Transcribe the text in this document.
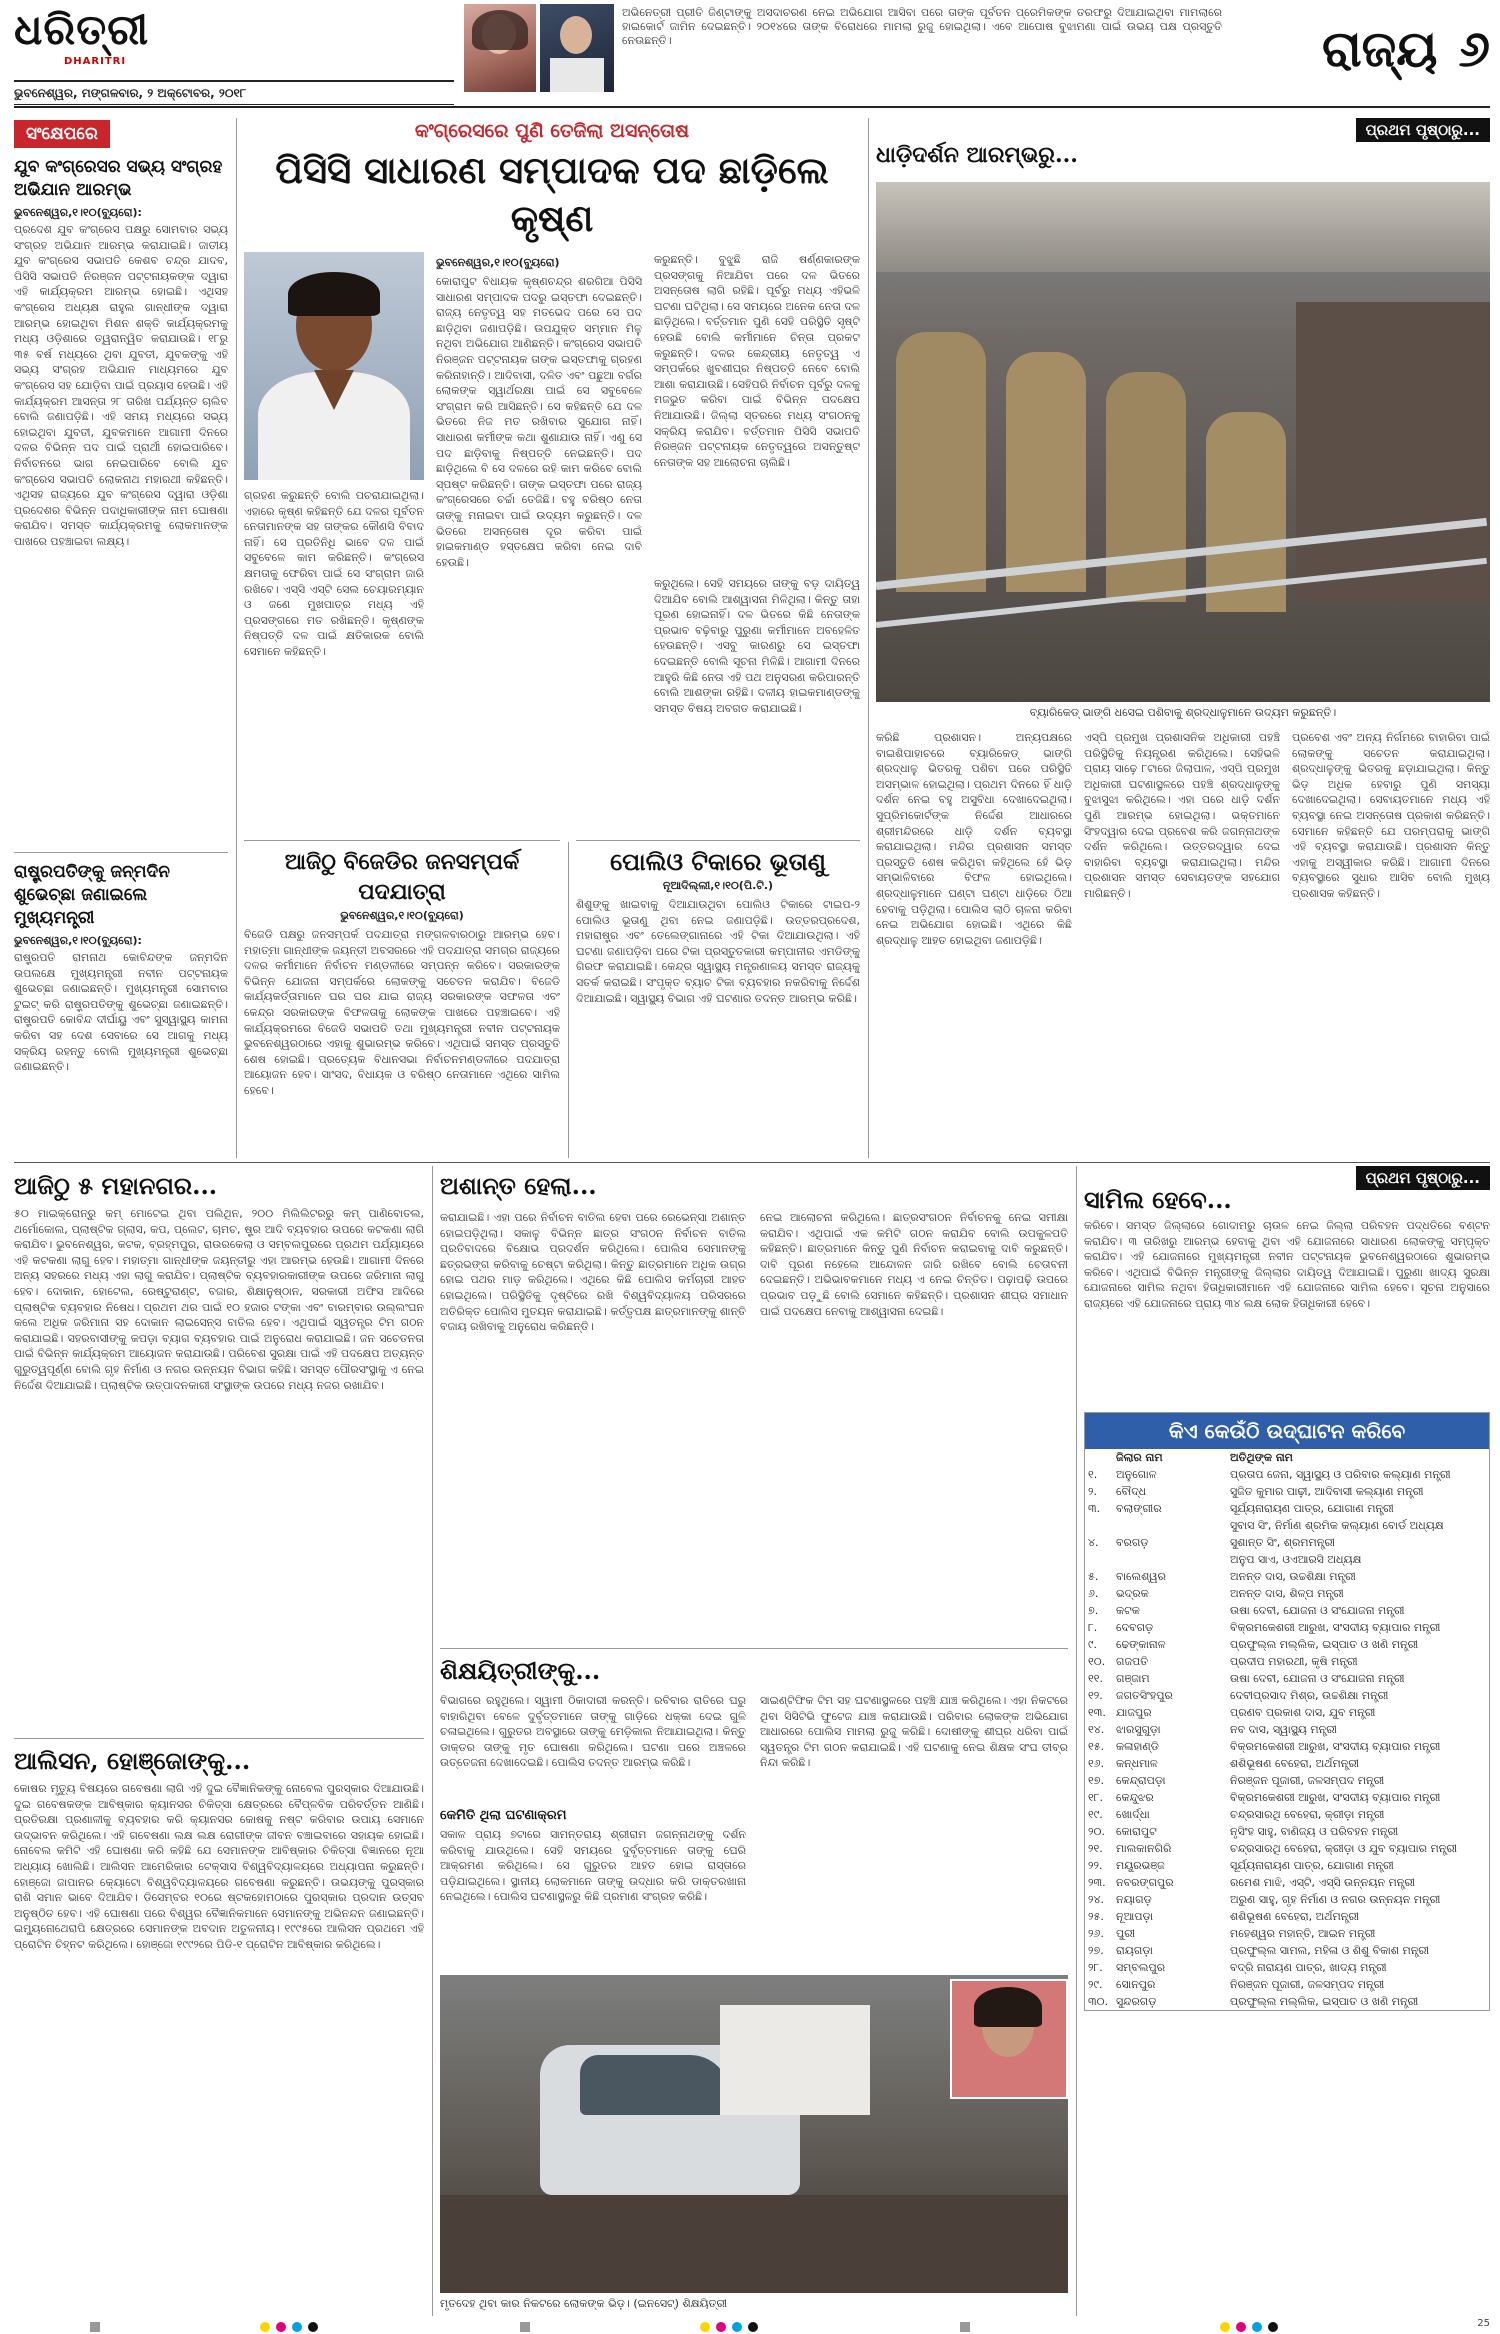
ଧରିତ୍ରୀ
DHARITRI
ଅଭିନେତ୍ରୀ ପ୍ରୀତି ଜିଣ୍ଟାଙ୍କୁ ଅସଦାଚରଣ ନେଇ ଅଭିଯୋଗ ଆସିବା ପରେ ତାଙ୍କ ପୂର୍ବତନ ପ୍ରେମିକଙ୍କ ତରଫରୁ ଦିଆଯାଇଥିବା ମାମଲାରେ ହାଇକୋର୍ଟ ଜାମିନ ଦେଇଛନ୍ତି। ୨୦୧୪ରେ ତାଙ୍କ ବିରୋଧରେ ମାମଲା ରୁଜୁ ହୋଇଥିଲା। ଏବେ ଆପୋଷ ବୁଝାମଣା ପାଇଁ ଉଭୟ ପକ୍ଷ ପ୍ରସ୍ତୁତି ନେଉଛନ୍ତି।	ରାଜ୍ୟ ୬
ଭୁବନେଶ୍ୱର, ମଙ୍ଗଳବାର, ୨ ଅକ୍ଟୋବର, ୨୦୧୮
ସଂକ୍ଷେପରେ
ଯୁବ କଂଗ୍ରେସର ସଭ୍ୟ ସଂଗ୍ରହ ଅଭିଯାନ ଆରମ୍ଭ
ଭୁବନେଶ୍ୱର,୧।୧୦(ବ୍ୟୁରୋ):
ପ୍ରଦେଶ ଯୁବ କଂଗ୍ରେସ ପକ୍ଷରୁ ସୋମବାର ସଭ୍ୟ ସଂଗ୍ରହ ଅଭିଯାନ ଆରମ୍ଭ କରାଯାଇଛି। ଜାତୀୟ ଯୁବ କଂଗ୍ରେସ ସଭାପତି କେଶବ ଚନ୍ଦ୍ର ଯାଦବ, ପିସିସି ସଭାପତି ନିରଞ୍ଜନ ପଟ୍ଟନାୟକଙ୍କ ଦ୍ୱାରା ଏହି କାର୍ଯ୍ୟକ୍ରମ ଆରମ୍ଭ ହୋଇଛି। ଏଥିସହ କଂଗ୍ରେସ ଅଧ୍ୟକ୍ଷ ରାହୁଲ ଗାନ୍ଧୀଙ୍କ ଦ୍ୱାରା ଆରମ୍ଭ ହୋଇଥିବା ମିଶନ ଶକ୍ତି କାର୍ଯ୍ୟକ୍ରମକୁ ମଧ୍ୟ ଓଡ଼ିଶାରେ ତ୍ୱରାନ୍ୱିତ କରାଯାଉଛି। ୧୮ରୁ ୩୫ ବର୍ଷ ମଧ୍ୟରେ ଥିବା ଯୁବତୀ, ଯୁବକଙ୍କୁ ଏହି ସଭ୍ୟ ସଂଗ୍ରହ ଅଭିଯାନ ମାଧ୍ୟମରେ ଯୁବ କଂଗ୍ରେସ ସହ ଯୋଡ଼ିବା ପାଇଁ ପ୍ରୟାସ ହେଉଛି। ଏହି କାର୍ଯ୍ୟକ୍ରମ ଆସନ୍ତା ୨୮ ତାରିଖ ପର୍ଯ୍ୟନ୍ତ ଚାଲିବ ବୋଲି ଜଣାପଡ଼ିଛି। ଏହି ସମୟ ମଧ୍ୟରେ ସଭ୍ୟ ହୋଇଥିବା ଯୁବତୀ, ଯୁବକମାନେ ଆଗାମୀ ଦିନରେ ଦଳର ବିଭିନ୍ନ ପଦ ପାଇଁ ପ୍ରାର୍ଥୀ ହୋଇପାରିବେ। ନିର୍ବାଚନରେ ଭାଗ ନେଇପାରିବେ ବୋଲି ଯୁବ କଂଗ୍ରେସ ସଭାପତି ଲୋକନାଥ ମହାରଥୀ କହିଛନ୍ତି। ଏଥିସହ ରାଜ୍ୟରେ ଯୁବ କଂଗ୍ରେସ ଦ୍ୱାରା ଓଡ଼ିଶା ପ୍ରଦେଶର ବିଭିନ୍ନ ପଦାଧିକାରୀଙ୍କ ନାମ ଘୋଷଣା କରାଯିବ। ସମସ୍ତ କାର୍ଯ୍ୟକ୍ରମକୁ ଲୋକମାନଙ୍କ ପାଖରେ ପହଞ୍ଚାଇବା ଲକ୍ଷ୍ୟ।
ରାଷ୍ଟ୍ରପତିଙ୍କୁ ଜନ୍ମଦିନ ଶୁଭେଚ୍ଛା ଜଣାଇଲେ ମୁଖ୍ୟମନ୍ତ୍ରୀ
ଭୁବନେଶ୍ୱର,୧।୧୦(ବ୍ୟୁରୋ):
ରାଷ୍ଟ୍ରପତି ରାମନାଥ କୋବିନ୍ଦଙ୍କ ଜନ୍ମଦିନ ଉପଲକ୍ଷେ ମୁଖ୍ୟମନ୍ତ୍ରୀ ନବୀନ ପଟ୍ଟନାୟକ ଶୁଭେଚ୍ଛା ଜଣାଇଛନ୍ତି। ମୁଖ୍ୟମନ୍ତ୍ରୀ ସୋମବାର ଟୁଇଟ୍ କରି ରାଷ୍ଟ୍ରପତିଙ୍କୁ ଶୁଭେଚ୍ଛା ଜଣାଇଛନ୍ତି। ରାଷ୍ଟ୍ରପତି କୋବିନ୍ଦ ଦୀର୍ଘାୟୁ ଏବଂ ସୁସ୍ୱାସ୍ଥ୍ୟ କାମନା କରିବା ସହ ଦେଶ ସେବାରେ ସେ ଆଗକୁ ମଧ୍ୟ ସକ୍ରିୟ ରହନ୍ତୁ ବୋଲି ମୁଖ୍ୟମନ୍ତ୍ରୀ ଶୁଭେଚ୍ଛା ଜଣାଇଛନ୍ତି।
କଂଗ୍ରେସରେ ପୁଣି ତେଜିଲା ଅସନ୍ତୋଷ
ପିସିସି ସାଧାରଣ ସମ୍ପାଦକ ପଦ ଛାଡ଼ିଲେ କୃଷ୍ଣ
ଭୁବନେଶ୍ୱର,୧।୧୦(ବ୍ୟୁରୋ)
କୋରାପୁଟ ବିଧାୟକ କୃଷ୍ଣଚନ୍ଦ୍ର ଶରଗିଆ ପିସିସି ସାଧାରଣ ସମ୍ପାଦକ ପଦରୁ ଇସ୍ତଫା ଦେଇଛନ୍ତି। ରାଜ୍ୟ ନେତୃତ୍ୱ ସହ ମତଭେଦ ପରେ ସେ ପଦ ଛାଡ଼ିଥିବା ଜଣାପଡ଼ିଛି। ଉପଯୁକ୍ତ ସମ୍ମାନ ମିଳୁ ନଥିବା ଅଭିଯୋଗ ଆଣିଛନ୍ତି। କଂଗ୍ରେସ ସଭାପତି ନିରଞ୍ଜନ ପଟ୍ଟନାୟକ ତାଙ୍କ ଇସ୍ତଫାକୁ ଗ୍ରହଣ କରିନାହାନ୍ତି। ଆଦିବାସୀ, ଦଳିତ ଏବଂ ପଛୁଆ ବର୍ଗର ଲୋକଙ୍କ ସ୍ୱାର୍ଥରକ୍ଷା ପାଇଁ ସେ ସବୁବେଳେ ସଂଗ୍ରାମ କରି ଆସିଛନ୍ତି। ସେ କହିଛନ୍ତି ଯେ ଦଳ ଭିତରେ ନିଜ ମତ ରଖିବାର ସୁଯୋଗ ନାହିଁ। ସାଧାରଣ କର୍ମୀଙ୍କ କଥା ଶୁଣାଯାଉ ନାହିଁ। ଏଣୁ ସେ ପଦ ଛାଡ଼ିବାକୁ ନିଷ୍ପତ୍ତି ନେଇଛନ୍ତି। ପଦ ଛାଡ଼ିଥିଲେ ବି ସେ ଦଳରେ ରହି କାମ କରିବେ ବୋଲି ସ୍ପଷ୍ଟ କରିଛନ୍ତି। ତାଙ୍କ ଇସ୍ତଫା ପରେ ରାଜ୍ୟ କଂଗ୍ରେସରେ ଚର୍ଚ୍ଚା ତେଜିଛି। ବହୁ ବରିଷ୍ଠ ନେତା ତାଙ୍କୁ ମନାଇବା ପାଇଁ ଉଦ୍ୟମ କରୁଛନ୍ତି। ଦଳ ଭିତରେ ଅସନ୍ତୋଷ ଦୂର କରିବା ପାଇଁ ହାଇକମାଣ୍ଡ ହସ୍ତକ୍ଷେପ କରିବା ନେଇ ଦାବି ହେଉଛି।
ଗ୍ରହଣ କରୁଛନ୍ତି ବୋଲି ପଚରାଯାଇଥିଲା। ଏହାରେ କୃଷ୍ଣ କହିଛନ୍ତି ଯେ ଦଳର ପୂର୍ବତନ ନେତାମାନଙ୍କ ସହ ତାଙ୍କର କୌଣସି ବିବାଦ ନାହିଁ। ସେ ପ୍ରତିନିଧି ଭାବେ ଦଳ ପାଇଁ ସବୁବେଳେ କାମ କରିଛନ୍ତି। କଂଗ୍ରେସ କ୍ଷମତାକୁ ଫେରିବା ପାଇଁ ସେ ସଂଗ୍ରାମ ଜାରି ରଖିବେ। ଏସ୍‌ସି ଏସ୍‌ଟି ସେଲ ଚେୟାରମ୍ୟାନ ଓ ଜଣେ ମୁଖପାତ୍ର ମଧ୍ୟ ଏହି ପ୍ରସଙ୍ଗରେ ମତ ରଖିଛନ୍ତି। କୃଷ୍ଣଙ୍କ ନିଷ୍ପତ୍ତି ଦଳ ପାଇଁ କ୍ଷତିକାରକ ବୋଲି ସେମାନେ କହିଛନ୍ତି।
କରୁଛନ୍ତି। ବୁଝୁଛି ରାଜି ଷର୍ଣ୍ଣକାରଙ୍କ ପ୍ରସଙ୍ଗକୁ ନିଆଯିବା ପରେ ଦଳ ଭିତରେ ଅସନ୍ତୋଷ ଲାଗି ରହିଛି। ପୂର୍ବରୁ ମଧ୍ୟ ଏହିଭଳି ଘଟଣା ଘଟିଥିଲା। ସେ ସମୟରେ ଅନେକ ନେତା ଦଳ ଛାଡ଼ିଥିଲେ। ବର୍ତ୍ତମାନ ପୁଣି ସେହି ପରିସ୍ଥିତି ସୃଷ୍ଟି ହେଉଛି ବୋଲି କର୍ମୀମାନେ ଚିନ୍ତା ପ୍ରକଟ କରୁଛନ୍ତି। ଦଳର କେନ୍ଦ୍ରୀୟ ନେତୃତ୍ୱ ଏ ସମ୍ପର୍କରେ ଖୁବଶୀଘ୍ର ନିଷ୍ପତ୍ତି ନେବେ ବୋଲି ଆଶା କରାଯାଉଛି। ସେହିପରି ନିର୍ବାଚନ ପୂର୍ବରୁ ଦଳକୁ ମଜଭୁତ କରିବା ପାଇଁ ବିଭିନ୍ନ ପଦକ୍ଷେପ ନିଆଯାଉଛି। ଜିଲ୍ଲା ସ୍ତରରେ ମଧ୍ୟ ସଂଗଠନକୁ ସକ୍ରିୟ କରାଯିବ। ବର୍ତ୍ତମାନ ପିସିସି ସଭାପତି ନିରଞ୍ଜନ ପଟ୍ଟନାୟକ ନେତୃତ୍ୱରେ ଅସନ୍ତୁଷ୍ଟ ନେତାଙ୍କ ସହ ଆଲୋଚନା ଚାଲିଛି।
କରୁଥିଲେ। ସେହି ସମୟରେ ତାଙ୍କୁ ବଡ଼ ଦାୟିତ୍ୱ ଦିଆଯିବ ବୋଲି ଆଶ୍ୱାସନା ମିଳିଥିଲା। କିନ୍ତୁ ତାହା ପୂରଣ ହୋଇନାହିଁ। ଦଳ ଭିତରେ କିଛି ନେତାଙ୍କ ପ୍ରଭାବ ବଢ଼ିବାରୁ ପୁରୁଣା କର୍ମୀମାନେ ଅବହେଳିତ ହେଉଛନ୍ତି। ଏସବୁ କାରଣରୁ ସେ ଇସ୍ତଫା ଦେଇଛନ୍ତି ବୋଲି ସୂଚନା ମିଳିଛି। ଆଗାମୀ ଦିନରେ ଆହୁରି କିଛି ନେତା ଏହି ପଥ ଅନୁସରଣ କରିପାରନ୍ତି ବୋଲି ଆଶଙ୍କା ରହିଛି। ଦଳୀୟ ହାଇକମାଣ୍ଡଙ୍କୁ ସମସ୍ତ ବିଷୟ ଅବଗତ କରାଯାଇଛି।
ଆଜିଠୁ ବିଜେଡିର ଜନସମ୍ପର୍କ ପଦଯାତ୍ରା
ଭୁବନେଶ୍ୱର,୧।୧୦(ବ୍ୟୁରୋ)
ବିଜେଡି ପକ୍ଷରୁ ଜନସମ୍ପର୍କ ପଦଯାତ୍ରା ମଙ୍ଗଳବାରଠାରୁ ଆରମ୍ଭ ହେବ। ମହାତ୍ମା ଗାନ୍ଧୀଙ୍କ ଜୟନ୍ତୀ ଅବସରରେ ଏହି ପଦଯାତ୍ରା ସମଗ୍ର ରାଜ୍ୟରେ ଦଳର କର୍ମୀମାନେ ନିର୍ବାଚନ ମଣ୍ଡଳୀରେ ସମ୍ପନ୍ନ କରିବେ। ସରକାରଙ୍କ ବିଭିନ୍ନ ଯୋଜନା ସମ୍ପର୍କରେ ଲୋକଙ୍କୁ ସଚେତନ କରାଯିବ। ବିଜେଡି କାର୍ଯ୍ୟକର୍ତ୍ତାମାନେ ଘର ଘର ଯାଇ ରାଜ୍ୟ ସରକାରଙ୍କ ସଫଳତା ଏବଂ କେନ୍ଦ୍ର ସରକାରଙ୍କ ବିଫଳତାକୁ ଲୋକଙ୍କ ପାଖରେ ପହଞ୍ଚାଇବେ। ଏହି କାର୍ଯ୍ୟକ୍ରମରେ ବିଜେଡି ସଭାପତି ତଥା ମୁଖ୍ୟମନ୍ତ୍ରୀ ନବୀନ ପଟ୍ଟନାୟକ ଭୁବନେଶ୍ୱରଠାରେ ଏହାକୁ ଶୁଭାରମ୍ଭ କରିବେ। ଏଥିପାଇଁ ସମସ୍ତ ପ୍ରସ୍ତୁତି ଶେଷ ହୋଇଛି। ପ୍ରତ୍ୟେକ ବିଧାନସଭା ନିର୍ବାଚନମଣ୍ଡଳୀରେ ପଦଯାତ୍ରା ଆୟୋଜନ ହେବ। ସାଂସଦ, ବିଧାୟକ ଓ ବରିଷ୍ଠ ନେତାମାନେ ଏଥିରେ ସାମିଲ ହେବେ।
ପୋଲିଓ ଟିକାରେ ଭୂତାଣୁ
ନୂଆଦିଲ୍ଲୀ,୧।୧୦(ପି.ଟି.)
ଶିଶୁଙ୍କୁ ଖାଇବାକୁ ଦିଆଯାଉଥିବା ପୋଲିଓ ଟିକାରେ ଟାଇପ-୨ ପୋଲିଓ ଭୂତାଣୁ ଥିବା ନେଇ ଜଣାପଡ଼ିଛି। ଉତ୍ତରପ୍ରଦେଶ, ମହାରାଷ୍ଟ୍ର ଏବଂ ତେଲେଙ୍ଗାନାରେ ଏହି ଟିକା ଦିଆଯାଉଥିଲା। ଏହି ଘଟଣା ଜଣାପଡ଼ିବା ପରେ ଟିକା ପ୍ରସ୍ତୁତକାରୀ କମ୍ପାନୀର ଏମଡିଙ୍କୁ ଗିରଫ କରାଯାଇଛି। କେନ୍ଦ୍ର ସ୍ୱାସ୍ଥ୍ୟ ମନ୍ତ୍ରଣାଳୟ ସମସ୍ତ ରାଜ୍ୟକୁ ସତର୍କ କରାଇଛି। ସଂପୃକ୍ତ ବ୍ୟାଚ ଟିକା ବ୍ୟବହାର ନକରିବାକୁ ନିର୍ଦ୍ଦେଶ ଦିଆଯାଇଛି। ସ୍ୱାସ୍ଥ୍ୟ ବିଭାଗ ଏହି ଘଟଣାର ତଦନ୍ତ ଆରମ୍ଭ କରିଛି।
ପ୍ରଥମ ପୃଷ୍ଠାରୁ...
ଧାଡ଼ିଦର୍ଶନ ଆରମ୍ଭରୁ...
ବ୍ୟାରିକେଡ୍ ଭାଙ୍ଗି ଧସେଇ ପଶିବାକୁ ଶ୍ରଦ୍ଧାଳୁମାନେ ଉଦ୍ୟମ କରୁଛନ୍ତି।
କରିଛି ପ୍ରଶାସନ। ଅନ୍ୟପକ୍ଷରେ ବାଇଶିପାହାଚରେ ବ୍ୟାରିକେଡ୍ ଭାଙ୍ଗି ଶ୍ରଦ୍ଧାଳୁ ଭିତରକୁ ପଶିବା ପରେ ପରିସ୍ଥିତି ଅସମ୍ଭାଳ ହୋଇଥିଲା। ପ୍ରଥମ ଦିନରେ ହିଁ ଧାଡ଼ି ଦର୍ଶନ ନେଇ ବହୁ ଅସୁବିଧା ଦେଖାଦେଇଥିଲା। ସୁପ୍ରିମକୋର୍ଟଙ୍କ ନିର୍ଦ୍ଦେଶ ଆଧାରରେ ଶ୍ରୀମନ୍ଦିରରେ ଧାଡ଼ି ଦର୍ଶନ ବ୍ୟବସ୍ଥା କରାଯାଇଥିଲା। ମନ୍ଦିର ପ୍ରଶାସନ ସମସ୍ତ ପ୍ରସ୍ତୁତି ଶେଷ କରିଥିବା କହିଥିଲେ ହେଁ ଭିଡ଼ ସମ୍ଭାଳିବାରେ ବିଫଳ ହୋଇଥିଲେ। ଶ୍ରଦ୍ଧାଳୁମାନେ ଘଣ୍ଟା ଘଣ୍ଟା ଧାଡ଼ିରେ ଠିଆ ହେବାକୁ ପଡ଼ିଥିଲା। ପୋଲିସ ଲାଠି ଚାଳନା କରିବା ନେଇ ଅଭିଯୋଗ ହୋଇଛି। ଏଥିରେ କିଛି ଶ୍ରଦ୍ଧାଳୁ ଆହତ ହୋଇଥିବା ଜଣାପଡ଼ିଛି।
ଏସ୍‌ପି ପ୍ରମୁଖ ପ୍ରଶାସନିକ ଅଧିକାରୀ ପହଞ୍ଚି ପରିସ୍ଥିତିକୁ ନିୟନ୍ତ୍ରଣ କରିଥିଲେ। ସେହିଭଳି ପ୍ରାୟ ସାଢ଼େ ୮ଟାରେ ଜିଲାପାଳ, ଏସ୍‌ପି ପ୍ରମୁଖ ଅଧିକାରୀ ଘଟଣାସ୍ଥଳରେ ପହଞ୍ଚି ଶ୍ରଦ୍ଧାଳୁଙ୍କୁ ବୁଝାସୁଝା କରିଥିଲେ। ଏହା ପରେ ଧାଡ଼ି ଦର୍ଶନ ପୁଣି ଆରମ୍ଭ ହୋଇଥିଲା। ଭକ୍ତମାନେ ସିଂହଦ୍ୱାର ଦେଇ ପ୍ରବେଶ କରି ଜଗନ୍ନାଥଙ୍କ ଦର୍ଶନ କରିଥିଲେ। ଉତ୍ତରଦ୍ୱାର ଦେଇ ବାହାରିବା ବ୍ୟବସ୍ଥା କରାଯାଇଥିଲା। ମନ୍ଦିର ପ୍ରଶାସନ ସମସ୍ତ ସେବାୟତଙ୍କ ସହଯୋଗ ମାଗିଛନ୍ତି।
ପ୍ରବେଶ ଏବଂ ଅନ୍ୟ ନିର୍ଗମରେ ବାହାରିବା ପାଇଁ ଲୋକଙ୍କୁ ସଚେତନ କରାଯାଇଥିଲା। ଶ୍ରଦ୍ଧାଳୁଙ୍କୁ ଭିତରକୁ ଛଡ଼ାଯାଇଥିଲା। କିନ୍ତୁ ଭିଡ଼ ଅଧିକ ହେବାରୁ ପୁଣି ସମସ୍ୟା ଦେଖାଦେଇଥିଲା। ସେବାୟତମାନେ ମଧ୍ୟ ଏହି ବ୍ୟବସ୍ଥା ନେଇ ଅସନ୍ତୋଷ ପ୍ରକାଶ କରିଛନ୍ତି। ସେମାନେ କହିଛନ୍ତି ଯେ ପରମ୍ପରାକୁ ଭାଙ୍ଗି ଏହି ବ୍ୟବସ୍ଥା କରାଯାଉଛି। ପ୍ରଶାସନ କିନ୍ତୁ ଏହାକୁ ଅସ୍ୱୀକାର କରିଛି। ଆଗାମୀ ଦିନରେ ବ୍ୟବସ୍ଥାରେ ସୁଧାର ଆସିବ ବୋଲି ମୁଖ୍ୟ ପ୍ରଶାସକ କହିଛନ୍ତି।
ଆଜିଠୁ ୫ ମହାନଗର...
୫୦ ମାଇକ୍ରୋନ୍‌ରୁ କମ୍ ମୋଟେଇ ଥିବା ପଲିଥିନ, ୨୦୦ ମିଲିଲିଟରରୁ କମ୍ ପାଣିବୋତଲ, ଥର୍ମୋକୋଲ, ପ୍ଲାଷ୍ଟିକ ଗ୍ଲାସ, କପ, ପ୍ଲେଟ, ଚାମଚ, ଷ୍ଟ୍ର ଆଦି ବ୍ୟବହାର ଉପରେ କଟକଣା ଲାଗି କରାଯିବ। ଭୁବନେଶ୍ୱର, କଟକ, ବ୍ରହ୍ମପୁର, ରାଉରକେଲା ଓ ସମ୍ବଲପୁରରେ ପ୍ରଥମ ପର୍ଯ୍ୟାୟରେ ଏହି କଟକଣା ଲାଗୁ ହେବ। ମହାତ୍ମା ଗାନ୍ଧୀଙ୍କ ଜୟନ୍ତୀରୁ ଏହା ଆରମ୍ଭ ହେଉଛି। ଆଗାମୀ ଦିନରେ ଅନ୍ୟ ସହରରେ ମଧ୍ୟ ଏହା ଲାଗୁ କରାଯିବ। ପ୍ଲାଷ୍ଟିକ ବ୍ୟବହାରକାରୀଙ୍କ ଉପରେ ଜରିମାନା ଲାଗୁ ହେବ। ଦୋକାନ, ହୋଟେଲ, ରେଷ୍ଟୁରାଣ୍ଟ, ବଜାର, ଶିକ୍ଷାନୁଷ୍ଠାନ, ସରକାରୀ ଅଫିସ ଆଦିରେ ପ୍ଲାଷ୍ଟିକ ବ୍ୟବହାର ନିଷେଧ। ପ୍ରଥମ ଥର ପାଇଁ ୧୦ ହଜାର ଟଙ୍କା ଏବଂ ବାରମ୍ବାର ଉଲ୍ଲଂଘନ କଲେ ଅଧିକ ଜରିମାନା ସହ ଦୋକାନ ଲାଇସେନ୍ସ ବାତିଲ ହେବ। ଏଥିପାଇଁ ସ୍ୱତନ୍ତ୍ର ଟିମ ଗଠନ କରାଯାଇଛି। ସହରବାସୀଙ୍କୁ କପଡ଼ା ବ୍ୟାଗ ବ୍ୟବହାର ପାଇଁ ଅନୁରୋଧ କରାଯାଇଛି। ଜନ ସଚେତନତା ପାଇଁ ବିଭିନ୍ନ କାର୍ଯ୍ୟକ୍ରମ ଆୟୋଜନ କରାଯାଉଛି। ପରିବେଶ ସୁରକ୍ଷା ପାଇଁ ଏହି ପଦକ୍ଷେପ ଅତ୍ୟନ୍ତ ଗୁରୁତ୍ୱପୂର୍ଣ୍ଣ ବୋଲି ଗୃହ ନିର୍ମାଣ ଓ ନଗର ଉନ୍ନୟନ ବିଭାଗ କହିଛି। ସମସ୍ତ ପୌରସଂସ୍ଥାକୁ ଏ ନେଇ ନିର୍ଦ୍ଦେଶ ଦିଆଯାଇଛି। ପ୍ଲାଷ୍ଟିକ ଉତ୍ପାଦନକାରୀ ସଂସ୍ଥାଙ୍କ ଉପରେ ମଧ୍ୟ ନଜର ରଖାଯିବ।
ଆଲିସନ, ହୋଞ୍ଜୋଙ୍କୁ...
କୋଷର ମୃତ୍ୟୁ ବିଷୟରେ ଗବେଷଣା ଲାଗି ଏହି ଦୁଇ ବୈଜ୍ଞାନିକଙ୍କୁ ନୋବେଲ ପୁରସ୍କାର ଦିଆଯାଉଛି। ଦୁଇ ଗବେଷକଙ୍କ ଆବିଷ୍କାର କ୍ୟାନସର ଚିକିତ୍ସା କ୍ଷେତ୍ରରେ ବୈପ୍ଳବିକ ପରିବର୍ତ୍ତନ ଆଣିଛି। ପ୍ରତିରକ୍ଷା ପ୍ରଣାଳୀକୁ ବ୍ୟବହାର କରି କ୍ୟାନସର କୋଷକୁ ନଷ୍ଟ କରିବାର ଉପାୟ ସେମାନେ ଉଦ୍ଭାବନ କରିଥିଲେ। ଏହି ଗବେଷଣା ଲକ୍ଷ ଲକ୍ଷ ରୋଗୀଙ୍କ ଜୀବନ ବଞ୍ଚାଇବାରେ ସହାୟକ ହୋଇଛି। ନୋବେଲ କମିଟି ଏହି ଘୋଷଣା କରି କହିଛି ଯେ ସେମାନଙ୍କ ଆବିଷ୍କାର ଚିକିତ୍ସା ବିଜ୍ଞାନରେ ନୂଆ ଅଧ୍ୟାୟ ଖୋଲିଛି। ଆଲିସନ ଆମେରିକାର ଟେକ୍ସାସ ବିଶ୍ୱବିଦ୍ୟାଳୟରେ ଅଧ୍ୟାପନା କରୁଛନ୍ତି। ହୋଞ୍ଜୋ ଜାପାନର କ୍ୟୋଟୋ ବିଶ୍ୱବିଦ୍ୟାଳୟରେ ଗବେଷଣା କରୁଛନ୍ତି। ଉଭୟଙ୍କୁ ପୁରସ୍କାର ରାଶି ସମାନ ଭାବେ ଦିଆଯିବ। ଡିସେମ୍ବର ୧୦ରେ ଷ୍ଟକହୋମଠାରେ ପୁରସ୍କାର ପ୍ରଦାନ ଉତ୍ସବ ଅନୁଷ୍ଠିତ ହେବ। ଏହି ଘୋଷଣା ପରେ ବିଶ୍ୱର ବୈଜ୍ଞାନିକମାନେ ସେମାନଙ୍କୁ ଅଭିନନ୍ଦନ ଜଣାଇଛନ୍ତି। ଇମ୍ୟୁନୋଥେରାପି କ୍ଷେତ୍ରରେ ସେମାନଙ୍କ ଅବଦାନ ଅତୁଳନୀୟ। ୧୯୯୫ରେ ଆଲିସନ ପ୍ରଥମେ ଏହି ପ୍ରୋଟିନ ଚିହ୍ନଟ କରିଥିଲେ। ହୋଞ୍ଜୋ ୧୯୯୨ରେ ପିଡି-୧ ପ୍ରୋଟିନ ଆବିଷ୍କାର କରିଥିଲେ।
ଅଶାନ୍ତ ହେଲା...
କରାଯାଇଛି। ଏହା ପରେ ନିର୍ବାଚନ ବାତିଲ ହେବା ପରେ ରେଭେନ୍ସା ଅଶାନ୍ତ ହୋଇପଡ଼ିଥିଲା। ସକାଳୁ ବିଭିନ୍ନ ଛାତ୍ର ସଂଗଠନ ନିର୍ବାଚନ ବାତିଲ ପ୍ରତିବାଦରେ ବିକ୍ଷୋଭ ପ୍ରଦର୍ଶନ କରିଥିଲେ। ପୋଲିସ ସେମାନଙ୍କୁ ଛତ୍ରଭଙ୍ଗ କରିବାକୁ ଚେଷ୍ଟା କରିଥିଲା। କିନ୍ତୁ ଛାତ୍ରମାନେ ଅଧିକ ଉଗ୍ର ହୋଇ ପଥର ମାଡ଼ କରିଥିଲେ। ଏଥିରେ କିଛି ପୋଲିସ କର୍ମଚାରୀ ଆହତ ହୋଇଥିଲେ। ପରିସ୍ଥିତିକୁ ଦୃଷ୍ଟିରେ ରଖି ବିଶ୍ୱବିଦ୍ୟାଳୟ ପରିସରରେ ଅତିରିକ୍ତ ପୋଲିସ ମୁତୟନ କରାଯାଇଛି। କର୍ତ୍ତୃପକ୍ଷ ଛାତ୍ରମାନଙ୍କୁ ଶାନ୍ତି ବଜାୟ ରଖିବାକୁ ଅନୁରୋଧ କରିଛନ୍ତି।
ନେଇ ଆଲୋଚନା କରିଥିଲେ। ଛାତ୍ରସଂଗଠନ ନିର୍ବାଚନକୁ ନେଇ ସମୀକ୍ଷା କରାଯିବ। ଏଥିପାଇଁ ଏକ କମିଟି ଗଠନ କରାଯିବ ବୋଲି ଉପକୁଳପତି କହିଛନ୍ତି। ଛାତ୍ରମାନେ କିନ୍ତୁ ପୁଣି ନିର୍ବାଚନ କରାଇବାକୁ ଦାବି କରୁଛନ୍ତି। ଦାବି ପୂରଣ ନହେଲେ ଆନ୍ଦୋଳନ ଜାରି ରଖିବେ ବୋଲି ଚେତାବନୀ ଦେଇଛନ୍ତି। ଅଭିଭାବକମାନେ ମଧ୍ୟ ଏ ନେଇ ଚିନ୍ତିତ। ପଢ଼ାପଢ଼ି ଉପରେ ପ୍ରଭାବ ପଡ଼ୁଛି ବୋଲି ସେମାନେ କହିଛନ୍ତି। ପ୍ରଶାସନ ଶୀଘ୍ର ସମାଧାନ ପାଇଁ ପଦକ୍ଷେପ ନେବାକୁ ଆଶ୍ୱାସନା ଦେଇଛି।
ଶିକ୍ଷୟିତ୍ରୀଙ୍କୁ...
ବିଭାଗରେ ରହୁଥିଲେ। ସ୍ୱାମୀ ଠିକାଦାରୀ କରନ୍ତି। ରବିବାର ରାତିରେ ଘରୁ ବାହାରିଥିବା ବେଳେ ଦୁର୍ବୃତ୍ତମାନେ ତାଙ୍କୁ ଗାଡ଼ିରେ ଧକ୍କା ଦେଇ ଗୁଳି ଚଳାଇଥିଲେ। ଗୁରୁତର ଅବସ୍ଥାରେ ତାଙ୍କୁ ମେଡ଼ିକାଲ ନିଆଯାଇଥିଲା। କିନ୍ତୁ ଡାକ୍ତର ତାଙ୍କୁ ମୃତ ଘୋଷଣା କରିଥିଲେ। ଘଟଣା ପରେ ଅଞ୍ଚଳରେ ଉତ୍ତେଜନା ଦେଖାଦେଇଛି। ପୋଲିସ ତଦନ୍ତ ଆରମ୍ଭ କରିଛି।
କେମିତି ଥିଲା ଘଟଣାକ୍ରମ
ସକାଳ ପ୍ରାୟ ୭ଟାରେ ସାମନ୍ତରାୟ ଶ୍ରୀରାମ ଜଗନ୍ନାଥଙ୍କୁ ଦର୍ଶନ କରିବାକୁ ଯାଉଥିଲେ। ସେହି ସମୟରେ ଦୁର୍ବୃତ୍ତମାନେ ତାଙ୍କୁ ଘେରି ଆକ୍ରମଣ କରିଥିଲେ। ସେ ଗୁରୁତର ଆହତ ହୋଇ ରାସ୍ତାରେ ପଡ଼ିଯାଇଥିଲେ। ସ୍ଥାନୀୟ ଲୋକମାନେ ତାଙ୍କୁ ଉଦ୍ଧାର କରି ଡାକ୍ତରଖାନା ନେଇଥିଲେ। ପୋଲିସ ଘଟଣାସ୍ଥଳରୁ କିଛି ପ୍ରମାଣ ସଂଗ୍ରହ କରିଛି।
ସାଇଣ୍ଟିଫିକ ଟିମ ସହ ଘଟଣାସ୍ଥଳରେ ପହଞ୍ଚି ଯାଞ୍ଚ କରିଥିଲେ। ଏହା ନିକଟରେ ଥିବା ସିସିଟିଭି ଫୁଟେଜ ଯାଞ୍ଚ କରାଯାଉଛି। ପରିବାର ଲୋକଙ୍କ ଅଭିଯୋଗ ଆଧାରରେ ପୋଲିସ ମାମଲା ରୁଜୁ କରିଛି। ଦୋଷୀଙ୍କୁ ଶୀଘ୍ର ଧରିବା ପାଇଁ ସ୍ୱତନ୍ତ୍ର ଟିମ ଗଠନ କରାଯାଇଛି। ଏହି ଘଟଣାକୁ ନେଇ ଶିକ୍ଷକ ସଂଘ ତୀବ୍ର ନିନ୍ଦା କରିଛି।
ମୃତଦେହ ଥିବା କାର ନିକଟରେ ଲୋକଙ୍କ ଭିଡ଼। (ଇନସେଟ୍‌) ଶିକ୍ଷୟିତ୍ରୀ
ପ୍ରଥମ ପୃଷ୍ଠାରୁ...
ସାମିଲ ହେବେ...
କରିବେ। ସମସ୍ତ ଜିଲ୍ଲାରେ ଗୋଦାମରୁ ଚାଉଳ ନେଇ ଜିଲ୍ଲା ପରିବହନ ପଦ୍ଧତିରେ ବଣ୍ଟନ କରାଯିବ। ୩ ତାରିଖରୁ ଆରମ୍ଭ ହେବାକୁ ଥିବା ଏହି ଯୋଜନାରେ ସାଧାରଣ ଲୋକଙ୍କୁ ସମ୍ପୃକ୍ତ କରାଯିବ। ଏହି ଯୋଜନାରେ ମୁଖ୍ୟମନ୍ତ୍ରୀ ନବୀନ ପଟ୍ଟନାୟକ ଭୁବନେଶ୍ୱରଠାରେ ଶୁଭାରମ୍ଭ କରିବେ। ଏଥିପାଇଁ ବିଭିନ୍ନ ମନ୍ତ୍ରୀଙ୍କୁ ଜିଲ୍ଲାର ଦାୟିତ୍ୱ ଦିଆଯାଇଛି। ପୁରୁଣା ଖାଦ୍ୟ ସୁରକ୍ଷା ଯୋଜନାରେ ସାମିଲ ନଥିବା ହିତାଧିକାରୀମାନେ ଏହି ଯୋଜନାରେ ସାମିଲ ହେବେ। ସୂଚନା ଅନୁସାରେ ରାଜ୍ୟରେ ଏହି ଯୋଜନାରେ ପ୍ରାୟ ୩୪ ଲକ୍ଷ ଲୋକ ହିତାଧିକାରୀ ହେବେ।
କିଏ କେଉଁଠି ଉଦ୍‌ଘାଟନ କରିବେ
	ଜିଲାର ନାମ	ଅତିଥିଙ୍କ ନାମ
୧.	ଅନୁଗୋଳ	ପ୍ରତାପ ଜେନା, ସ୍ୱାସ୍ଥ୍ୟ ଓ ପରିବାର କଲ୍ୟାଣ ମନ୍ତ୍ରୀ
୨.	ବୌଦ୍ଧ	ସୁଜିତ କୁମାର ପାଢ଼ୀ, ଆଦିବାସୀ କଲ୍ୟାଣ ମନ୍ତ୍ରୀ
୩.	ବଲାଙ୍ଗୀର	ସୂର୍ଯ୍ୟନାରାୟଣ ପାତ୍ର, ଯୋଗାଣ ମନ୍ତ୍ରୀ
		ସୁବାସ ସିଂ, ନିର୍ମାଣ ଶ୍ରମିକ କଲ୍ୟାଣ ବୋର୍ଡ ଅଧ୍ୟକ୍ଷ
୪.	ବରଗଡ଼	ସୁଶାନ୍ତ ସିଂ, ଶ୍ରମମନ୍ତ୍ରୀ
		ଅନୁପ ସାଏ, ଓଏଆରସି ଅଧ୍ୟକ୍ଷ
୫.	ବାଲେଶ୍ୱର	ଅନନ୍ତ ଦାସ, ଉଚ୍ଚଶିକ୍ଷା ମନ୍ତ୍ରୀ
୬.	ଭଦ୍ରକ	ଅନନ୍ତ ଦାସ, ଶିଳ୍ପ ମନ୍ତ୍ରୀ
୭.	କଟକ	ଉଷା ଦେବୀ, ଯୋଜନା ଓ ସଂଯୋଜନା ମନ୍ତ୍ରୀ
୮.	ଦେବଗଡ଼	ବିକ୍ରମକେଶରୀ ଆରୁଖ, ସଂସଦୀୟ ବ୍ୟାପାର ମନ୍ତ୍ରୀ
୯.	ଢେଙ୍କାନାଳ	ପ୍ରଫୁଲ୍ଲ ମଲ୍ଲିକ, ଇସ୍ପାତ ଓ ଖଣି ମନ୍ତ୍ରୀ
୧୦.	ଗଜପତି	ପ୍ରଦୀପ ମହାରଥୀ, କୃଷି ମନ୍ତ୍ରୀ
୧୧.	ଗଞ୍ଜାମ	ଉଷା ଦେବୀ, ଯୋଜନା ଓ ସଂଯୋଜନା ମନ୍ତ୍ରୀ
୧୨.	ଜଗତସିଂହପୁର	ଦେବୀପ୍ରସାଦ ମିଶ୍ର, ଉଚ୍ଚଶିକ୍ଷା ମନ୍ତ୍ରୀ
୧୩.	ଯାଜପୁର	ପ୍ରଣବ ପ୍ରକାଶ ଦାସ, ଯୁବ ମନ୍ତ୍ରୀ
୧୪.	ଝାରସୁଗୁଡ଼ା	ନବ ଦାସ, ସ୍ୱାସ୍ଥ୍ୟ ମନ୍ତ୍ରୀ
୧୫.	କଳାହାଣ୍ଡି	ବିକ୍ରମକେଶରୀ ଆରୁଖ, ସଂସଦୀୟ ବ୍ୟାପାର ମନ୍ତ୍ରୀ
୧୬.	କନ୍ଧମାଳ	ଶଶିଭୂଷଣ ବେହେରା, ଅର୍ଥମନ୍ତ୍ରୀ
୧୭.	କେନ୍ଦ୍ରାପଡ଼ା	ନିରଞ୍ଜନ ପୂଜାରୀ, ଜଳସମ୍ପଦ ମନ୍ତ୍ରୀ
୧୮.	କେନ୍ଦୁଝର	ବିକ୍ରମକେଶରୀ ଆରୁଖ, ସଂସଦୀୟ ବ୍ୟାପାର ମନ୍ତ୍ରୀ
୧୯.	ଖୋର୍ଦ୍ଧା	ଚନ୍ଦ୍ରସାରଥି ବେହେରା, କ୍ରୀଡ଼ା ମନ୍ତ୍ରୀ
୨୦.	କୋରାପୁଟ	ନୃସିଂହ ସାହୁ, ବାଣିଜ୍ୟ ଓ ପରିବହନ ମନ୍ତ୍ରୀ
୨୧.	ମାଲକାନଗିରି	ଚନ୍ଦ୍ରସାରଥି ବେହେରା, କ୍ରୀଡ଼ା ଓ ଯୁବ ବ୍ୟାପାର ମନ୍ତ୍ରୀ
୨୨.	ମୟୂରଭଞ୍ଜ	ସୂର୍ଯ୍ୟନାରାୟଣ ପାତ୍ର, ଯୋଗାଣ ମନ୍ତ୍ରୀ
୨୩.	ନବରଙ୍ଗପୁର	ରମେଶ ମାଝି, ଏସ୍‌ଟି, ଏସ୍‌ସି ଉନ୍ନୟନ ମନ୍ତ୍ରୀ
୨୪.	ନୟାଗଡ଼	ଅରୁଣ ସାହୁ, ଗୃହ ନିର୍ମାଣ ଓ ନଗର ଉନ୍ନୟନ ମନ୍ତ୍ରୀ
୨୫.	ନୂଆପଡ଼ା	ଶଶିଭୂଷଣ ବେହେରା, ଅର୍ଥମନ୍ତ୍ରୀ
୨୬.	ପୁରୀ	ମହେଶ୍ୱର ମହାନ୍ତି, ଆଇନ ମନ୍ତ୍ରୀ
୨୭.	ରାୟଗଡ଼ା	ପ୍ରଫୁଲ୍ଲ ସାମଲ, ମହିଳା ଓ ଶିଶୁ ବିକାଶ ମନ୍ତ୍ରୀ
୨୮.	ସମ୍ବଲପୁର	ବଦ୍ରି ନାରାୟଣ ପାତ୍ର, ଖାଦ୍ୟ ମନ୍ତ୍ରୀ
୨୯.	ସୋନପୁର	ନିରଞ୍ଜନ ପୂଜାରୀ, ଜଳସମ୍ପଦ ମନ୍ତ୍ରୀ
୩୦.	ସୁନ୍ଦରଗଡ଼	ପ୍ରଫୁଲ୍ଲ ମଲ୍ଲିକ, ଇସ୍ପାତ ଓ ଖଣି ମନ୍ତ୍ରୀ
25
